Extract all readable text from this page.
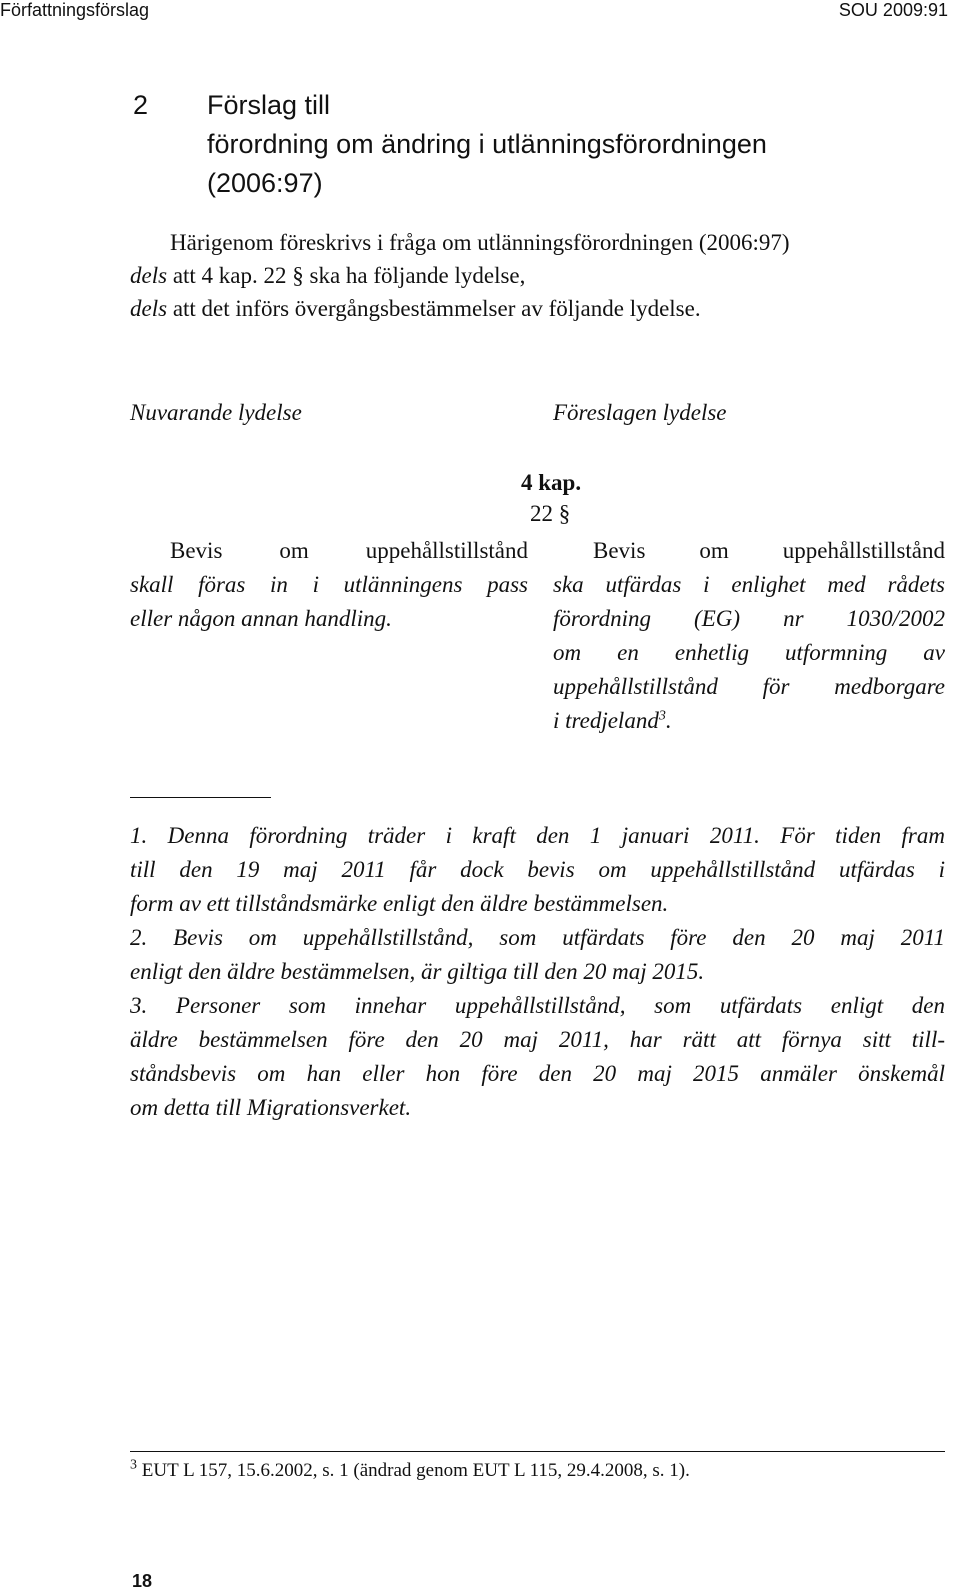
Författningsförslag	SOU 2009:91
2 Förslag till
förordning om ändring i utlänningsförordningen
(2006:97)
Härigenom föreskrivs i fråga om utlänningsförordningen (2006:97)
dels att 4 kap. 22 § ska ha följande lydelse,
dels att det införs övergångsbestämmelser av följande lydelse.
Nuvarande lydelse	Föreslagen lydelse
4 kap.
22 §
Bevis om uppehållstillstånd
skall föras in i utlänningens pass
eller någon annan handling.
Bevis om uppehållstillstånd
ska utfärdas i enlighet med rådets
förordning (EG) nr 1030/2002
om en enhetlig utformning av
uppehållstillstånd för medborgare
i tredjeland$^3$.
1. Denna förordning träder i kraft den 1 januari 2011. För tiden fram
till den 19 maj 2011 får dock bevis om uppehållstillstånd utfärdas i
form av ett tillståndsmärke enligt den äldre bestämmelsen.
2. Bevis om uppehållstillstånd, som utfärdats före den 20 maj 2011
enligt den äldre bestämmelsen, är giltiga till den 20 maj 2015.
3. Personer som innehar uppehållstillstånd, som utfärdats enligt den
äldre bestämmelsen före den 20 maj 2011, har rätt att förnya sitt till-
ståndsbevis om han eller hon före den 20 maj 2015 anmäler önskemål
om detta till Migrationsverket.
$^3$ EUT L 157, 15.6.2002, s. 1 (ändrad genom EUT L 115, 29.4.2008, s. 1).
18
